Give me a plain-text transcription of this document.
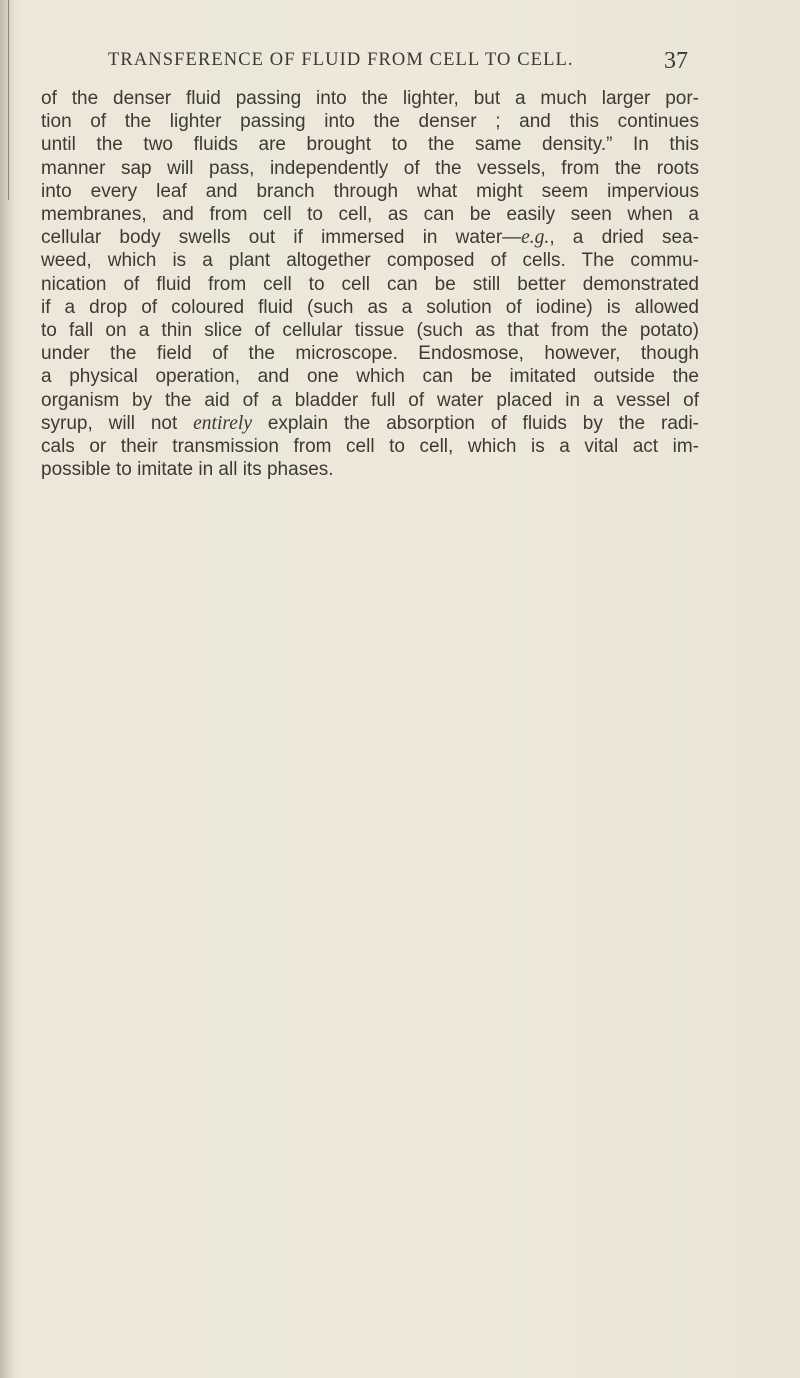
TRANSFERENCE OF FLUID FROM CELL TO CELL.	37
of the denser fluid passing into the lighter, but a much larger por-
tion of the lighter passing into the denser ; and this continues
until the two fluids are brought to the same density.” In this
manner sap will pass, independently of the vessels, from the roots
into every leaf and branch through what might seem impervious
membranes, and from cell to cell, as can be easily seen when a
cellular body swells out if immersed in water—e.g., a dried sea-
weed, which is a plant altogether composed of cells. The commu-
nication of fluid from cell to cell can be still better demonstrated
if a drop of coloured fluid (such as a solution of iodine) is allowed
to fall on a thin slice of cellular tissue (such as that from the potato)
under the field of the microscope. Endosmose, however, though
a physical operation, and one which can be imitated outside the
organism by the aid of a bladder full of water placed in a vessel of
syrup, will not entirely explain the absorption of fluids by the radi-
cals or their transmission from cell to cell, which is a vital act im-
possible to imitate in all its phases.
